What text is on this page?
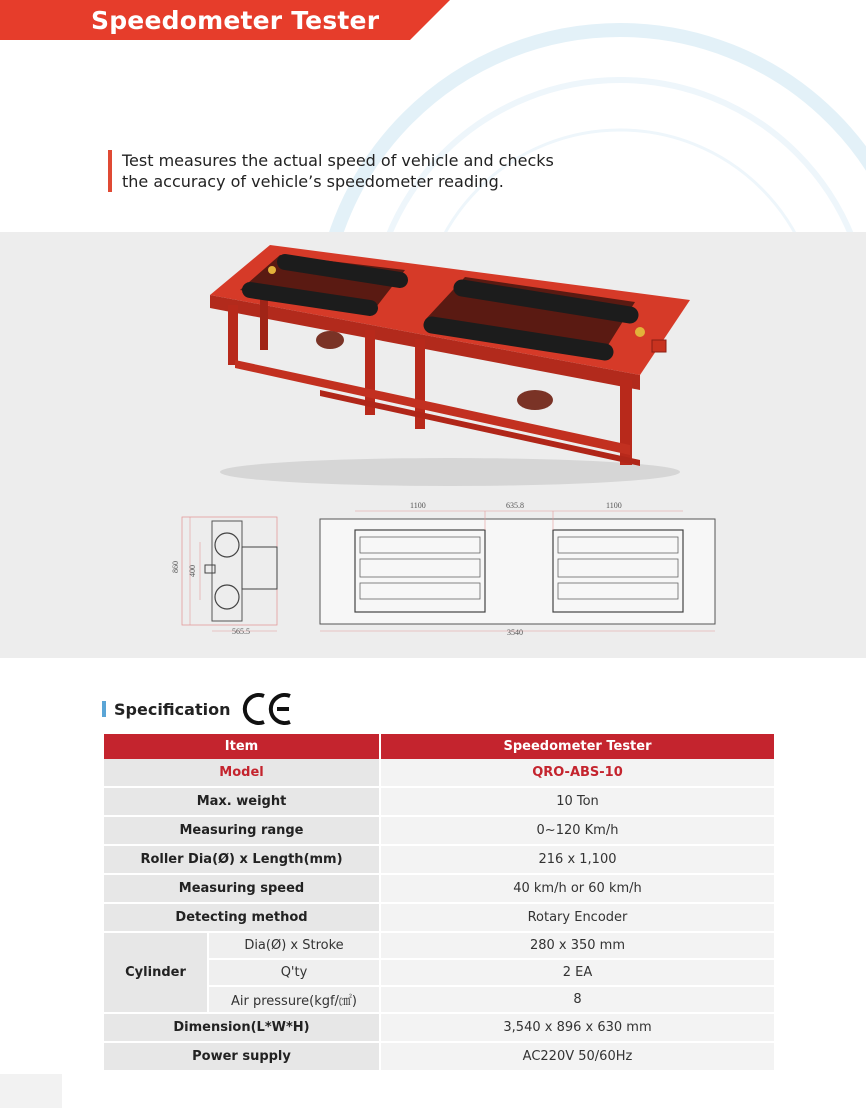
Speedometer Tester
Test measures the actual speed of vehicle and checks
the accuracy of vehicle’s speedometer reading.
860 400
565.5
1100	635.8	1100
3540
Specification
Item		Speedometer Tester
Model		QRO-ABS-10
Max. weight		10 Ton
Measuring range		0~120 Km/h
Roller Dia(Ø) x Length(mm)		216 x 1,100
Measuring speed		40 km/h or 60 km/h
Detecting method		Rotary Encoder
Cylinder	Dia(Ø) x Stroke	280 x 350 mm
	Q'ty	2 EA
	Air pressure(kgf/㎠)	8
Dimension(L*W*H)		3,540 x 896 x 630 mm
Power supply		AC220V 50/60Hz
